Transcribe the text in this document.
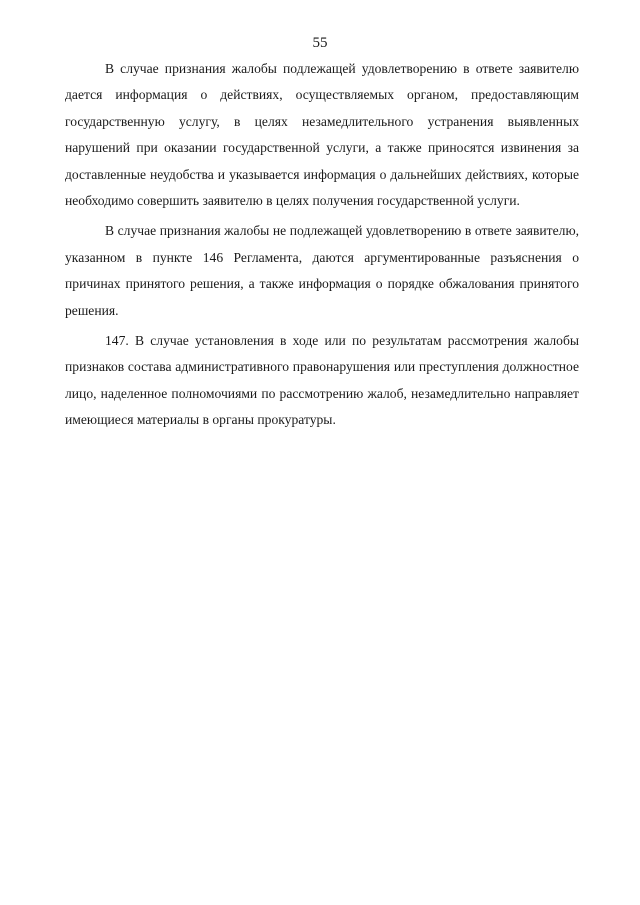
55

В случае признания жалобы подлежащей удовлетворению в ответе заявителю дается информация о действиях, осуществляемых органом, предоставляющим государственную услугу, в целях незамедлительного устранения выявленных нарушений при оказании государственной услуги, а также приносятся извинения за доставленные неудобства и указывается информация о дальнейших действиях, которые необходимо совершить заявителю в целях получения государственной услуги.

В случае признания жалобы не подлежащей удовлетворению в ответе заявителю, указанном в пункте 146 Регламента, даются аргументированные разъяснения о причинах принятого решения, а также информация о порядке обжалования принятого решения.

147. В случае установления в ходе или по результатам рассмотрения жалобы признаков состава административного правонарушения или преступления должностное лицо, наделенное полномочиями по рассмотрению жалоб, незамедлительно направляет имеющиеся материалы в органы прокуратуры.
